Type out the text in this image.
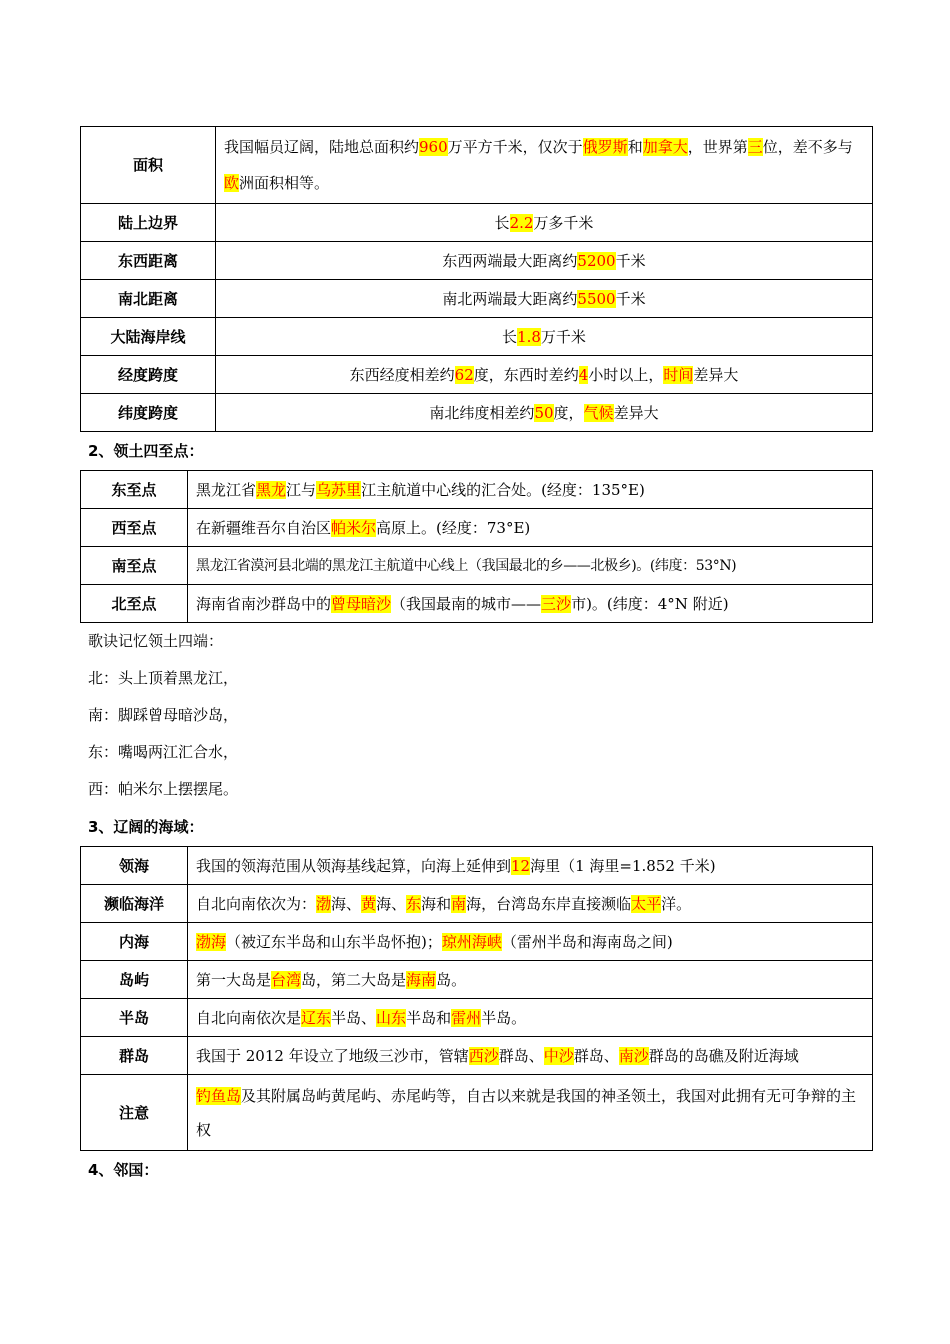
面积	我国幅员辽阔，陆地总面积约960万平方千米，仅次于俄罗斯和加拿大，世界第三位，差不多与欧洲面积相等。
陆上边界	长2.2万多千米
东西距离	东西两端最大距离约5200千米
南北距离	南北两端最大距离约5500千米
大陆海岸线	长1.8万千米
经度跨度	东西经度相差约62度，东西时差约4小时以上，时间差异大
纬度跨度	南北纬度相差约50度，气候差异大
2、领土四至点：
东至点	黑龙江省黑龙江与乌苏里江主航道中心线的汇合处。(经度：135°E)
西至点	在新疆维吾尔自治区帕米尔高原上。(经度：73°E)
南至点	黑龙江省漠河县北端的黑龙江主航道中心线上（我国最北的乡——北极乡)。(纬度：53°N)
北至点	海南省南沙群岛中的曾母暗沙（我国最南的城市——三沙市)。(纬度：4°N 附近)
歌诀记忆领土四端：
北：头上顶着黑龙江，
南：脚踩曾母暗沙岛，
东：嘴喝两江汇合水，
西：帕米尔上摆摆尾。
3、辽阔的海域：
领海	我国的领海范围从领海基线起算，向海上延伸到12海里（1 海里=1.852 千米)
濒临海洋	自北向南依次为：渤海、黄海、东海和南海，台湾岛东岸直接濒临太平洋。
内海	渤海（被辽东半岛和山东半岛怀抱)；琼州海峡（雷州半岛和海南岛之间)
岛屿	第一大岛是台湾岛，第二大岛是海南岛。
半岛	自北向南依次是辽东半岛、山东半岛和雷州半岛。
群岛	我国于 2012 年设立了地级三沙市，管辖西沙群岛、中沙群岛、南沙群岛的岛礁及附近海域
注意	钓鱼岛及其附属岛屿黄尾屿、赤尾屿等，自古以来就是我国的神圣领土，我国对此拥有无可争辩的主权
4、邻国：
